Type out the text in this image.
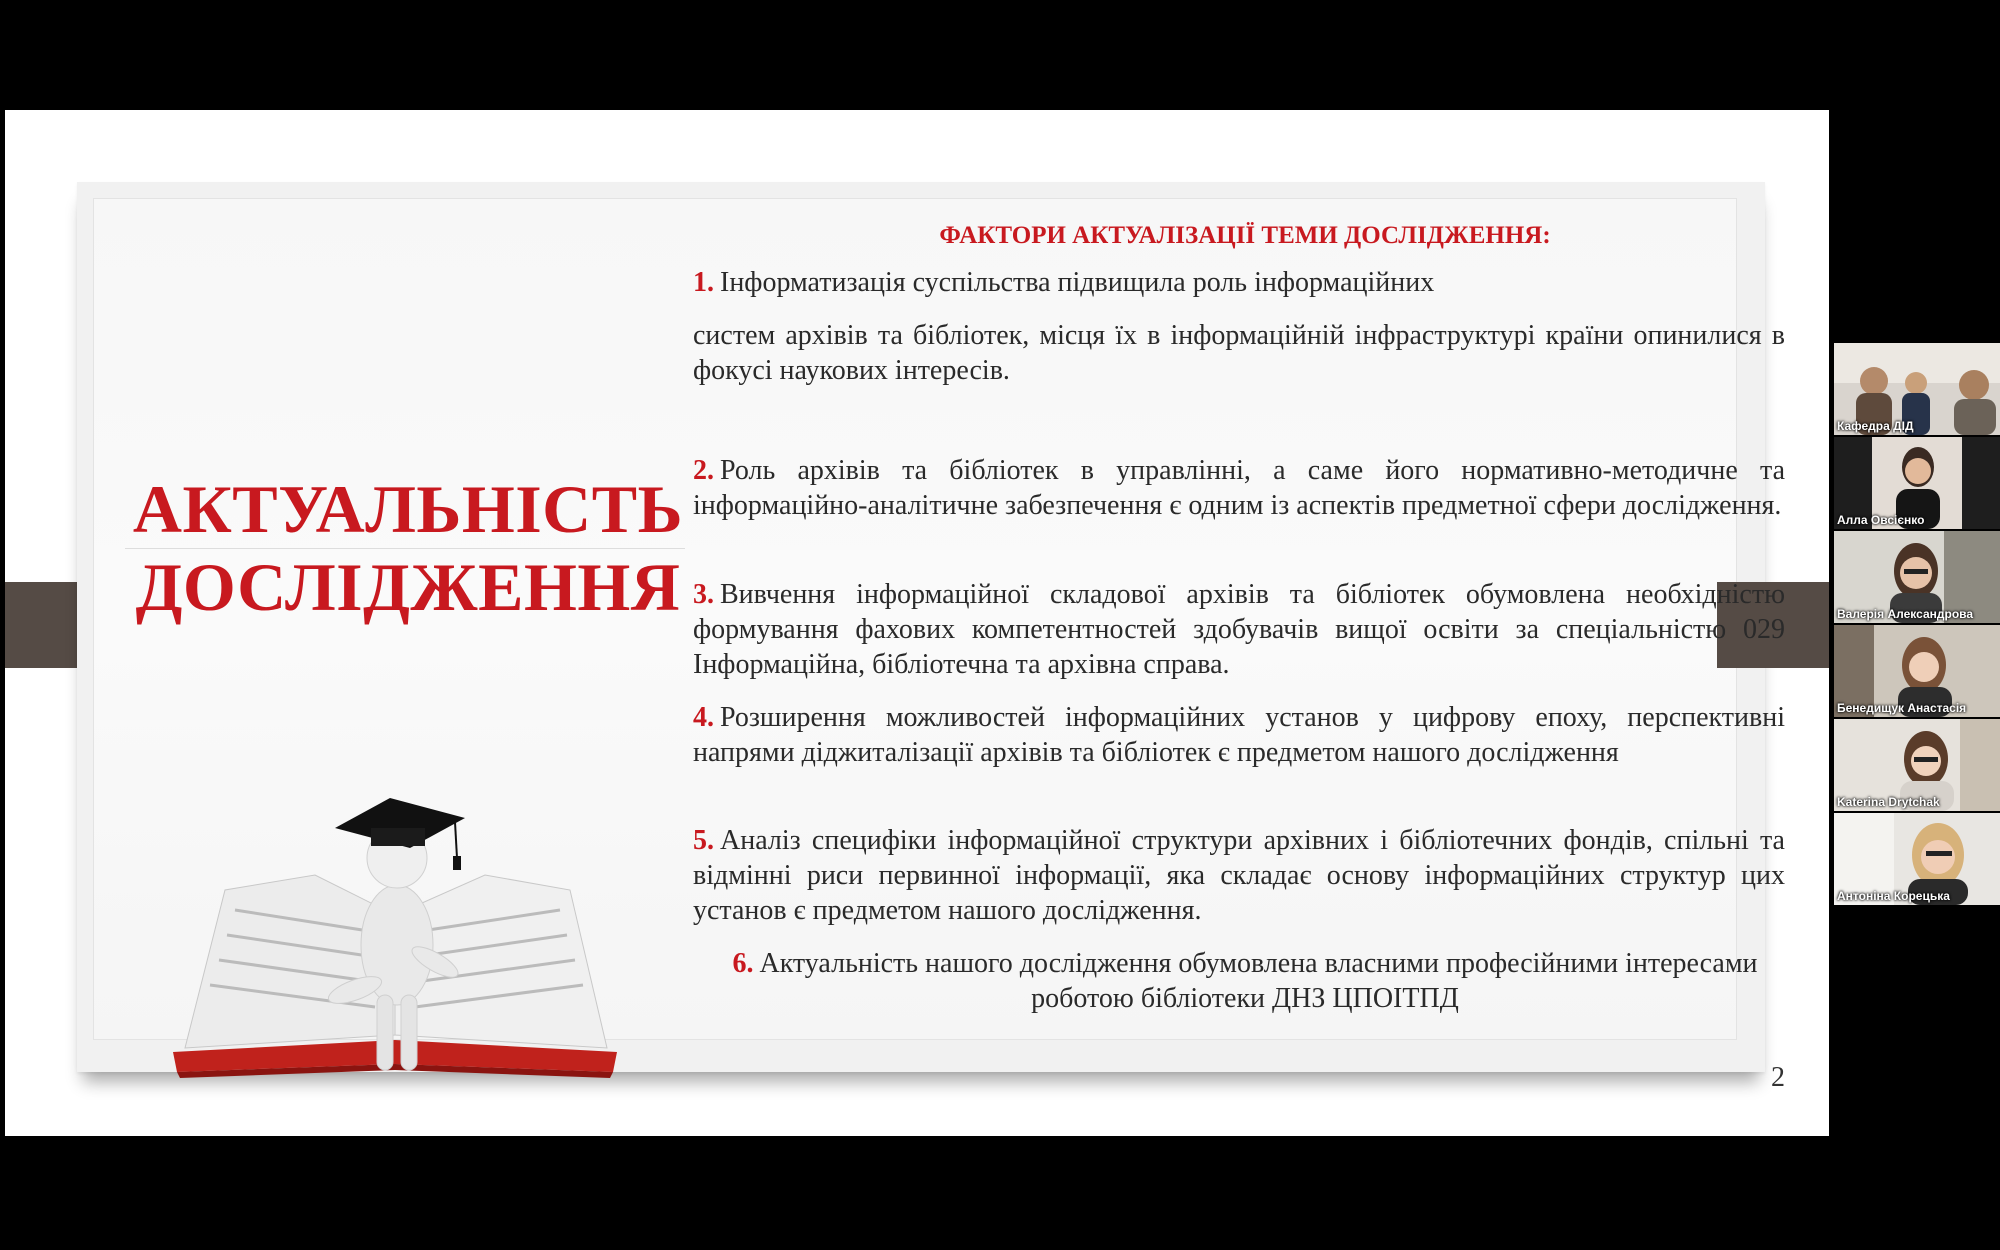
АКТУАЛЬНІСТЬ
ДОСЛІДЖЕННЯ
ФАКТОРИ АКТУАЛІЗАЦІЇ ТЕМИ ДОСЛІДЖЕННЯ:
1. Інформатизація суспільства підвищила роль інформаційних
систем архівів та бібліотек, місця їх в інформаційній інфраструктурі країни опинилися в фокусі наукових інтересів.
2. Роль архівів та бібліотек в управлінні, а саме його нормативно-методичне та інформаційно-аналітичне забезпечення є одним із аспектів предметної сфери дослідження.
3. Вивчення інформаційної складової архівів та бібліотек обумовлена необхідністю формування фахових компетентностей здобувачів вищої освіти за спеціальністю 029 Інформаційна, бібліотечна та архівна справа.
4. Розширення можливостей інформаційних установ у цифрову епоху, перспективні напрями діджиталізації архівів та бібліотек є предметом нашого дослідження
5. Аналіз специфіки інформаційної структури архівних і бібліотечних фондів, спільні та відмінні риси первинної інформації, яка складає основу інформаційних структур цих установ є предметом нашого дослідження.
6. Актуальність нашого дослідження обумовлена власними професійними інтересами роботою бібліотеки ДНЗ ЦПОІТПД
2
Кафедра ДІД
Алла Овсієнко
Валерія Александрова
Бенедищук Анастасія
Katerina Drytchak
Антоніна Корецька
